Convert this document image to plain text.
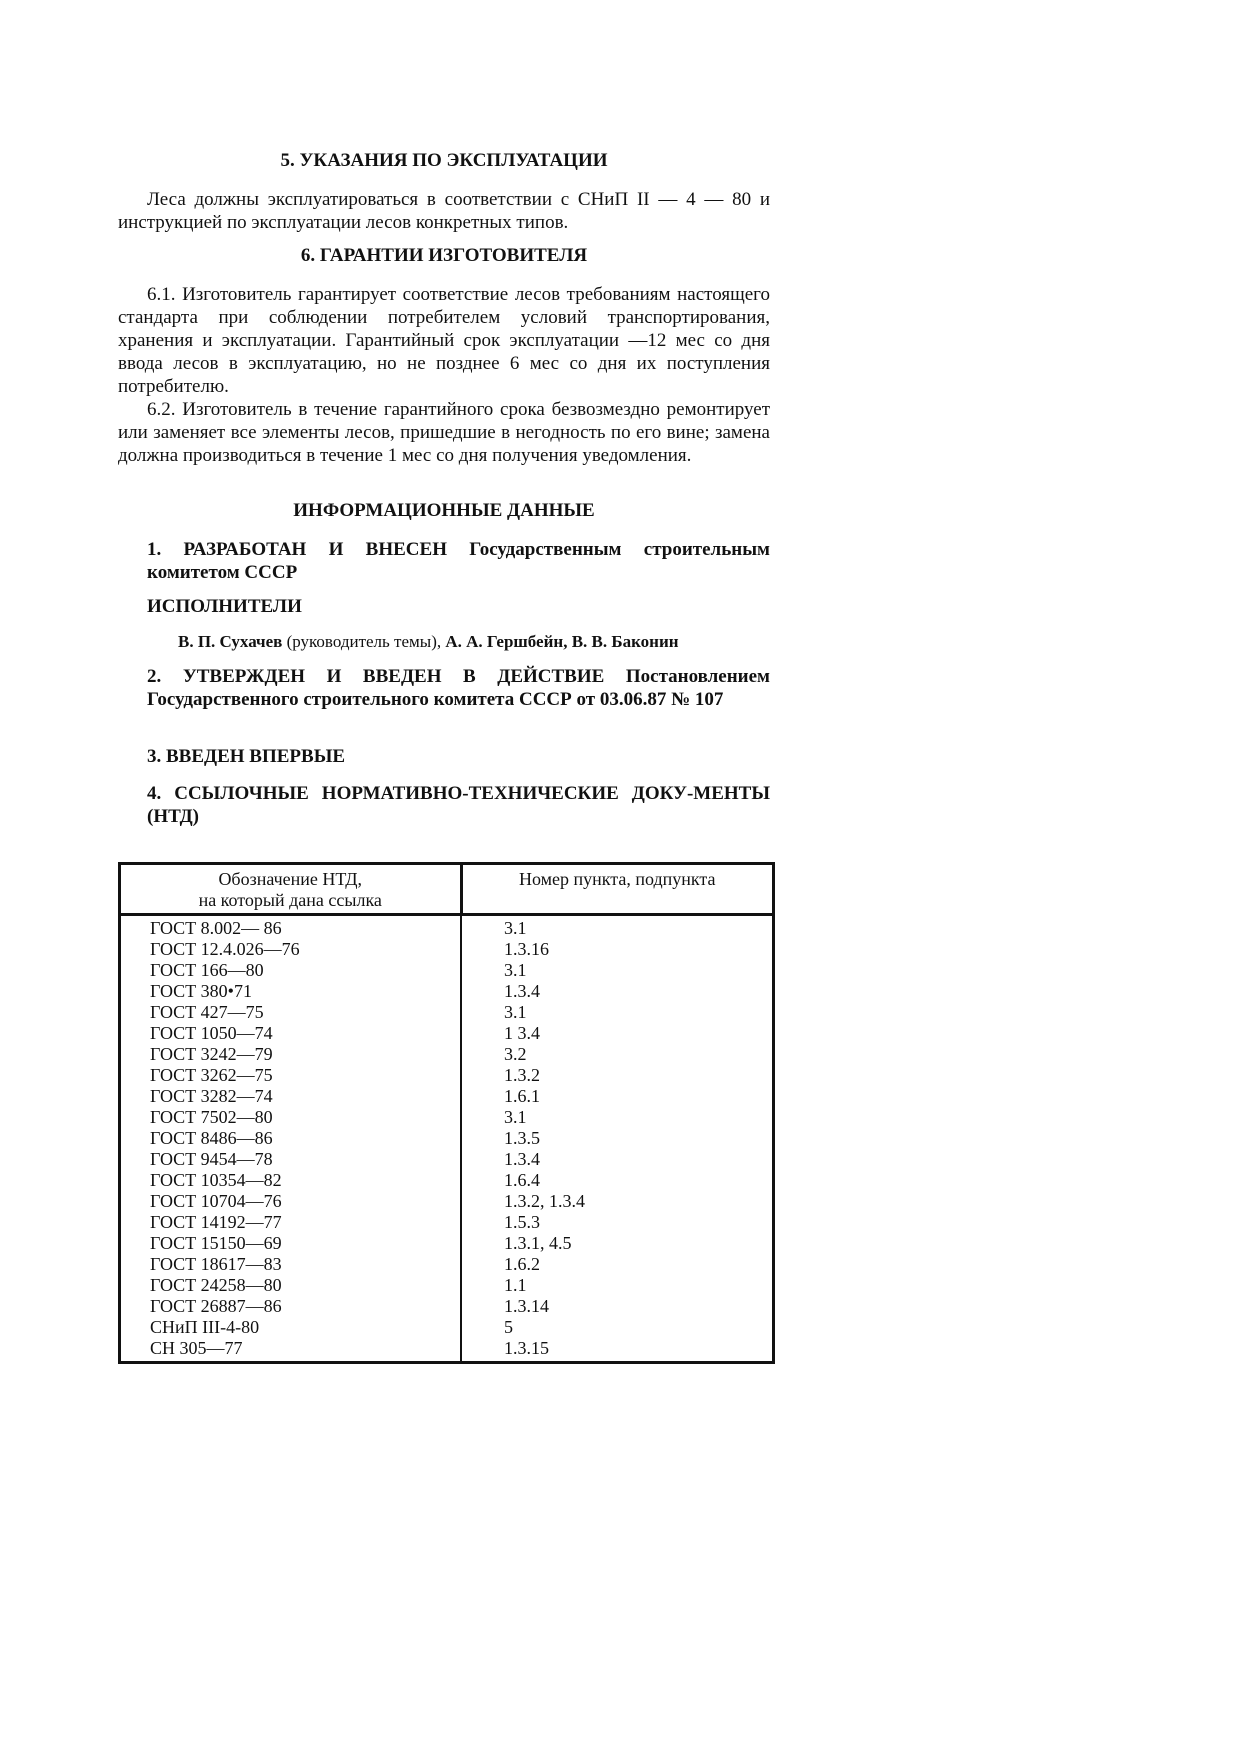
5. УКАЗАНИЯ ПО ЭКСПЛУАТАЦИИ

Леса должны эксплуатироваться в соответствии с СНиП II — 4 — 80 и инструкцией по эксплуатации лесов конкретных типов.

6. ГАРАНТИИ ИЗГОТОВИТЕЛЯ

6.1. Изготовитель гарантирует соответствие лесов требованиям настоящего стандарта при соблюдении потребителем условий транспортирования, хранения и эксплуатации. Гарантийный срок эксплуатации —12 мес со дня ввода лесов в эксплуатацию, но не позднее 6 мес со дня их поступления потребителю.

6.2. Изготовитель в течение гарантийного срока безвозмездно ремонтирует или заменяет все элементы лесов, пришедшие в негодность по его вине; замена должна производиться в течение 1 мес со дня получения уведомления.

ИНФОРМАЦИОННЫЕ ДАННЫЕ

1. РАЗРАБОТАН И ВНЕСЕН Государственным строительным комитетом СССР

ИСПОЛНИТЕЛИ

В. П. Сухачев (руководитель темы), А. А. Гершбейн, В. В. Баконин

2. УТВЕРЖДЕН И ВВЕДЕН В ДЕЙСТВИЕ Постановлением Государственного строительного комитета СССР от 03.06.87 № 107

3. ВВЕДЕН ВПЕРВЫЕ

4. ССЫЛОЧНЫЕ НОРМАТИВНО-ТЕХНИЧЕСКИЕ ДОКУ-МЕНТЫ (НТД)

Обозначение НТД,
на который дана ссылка	Номер пункта, подпункта
ГОСТ 8.002— 86	3.1
ГОСТ 12.4.026—76	1.3.16
ГОСТ 166—80	3.1
ГОСТ 380•71	1.3.4
ГОСТ 427—75	3.1
ГОСТ 1050—74	1 3.4
ГОСТ 3242—79	3.2
ГОСТ 3262—75	1.3.2
ГОСТ 3282—74	1.6.1
ГОСТ 7502—80	3.1
ГОСТ 8486—86	1.3.5
ГОСТ 9454—78	1.3.4
ГОСТ 10354—82	1.6.4
ГОСТ 10704—76	1.3.2, 1.3.4
ГОСТ 14192—77	1.5.3
ГОСТ 15150—69	1.3.1, 4.5
ГОСТ 18617—83	1.6.2
ГОСТ 24258—80	1.1
ГОСТ 26887—86	1.3.14
СНиП III-4-80	5
СН 305—77	1.3.15
